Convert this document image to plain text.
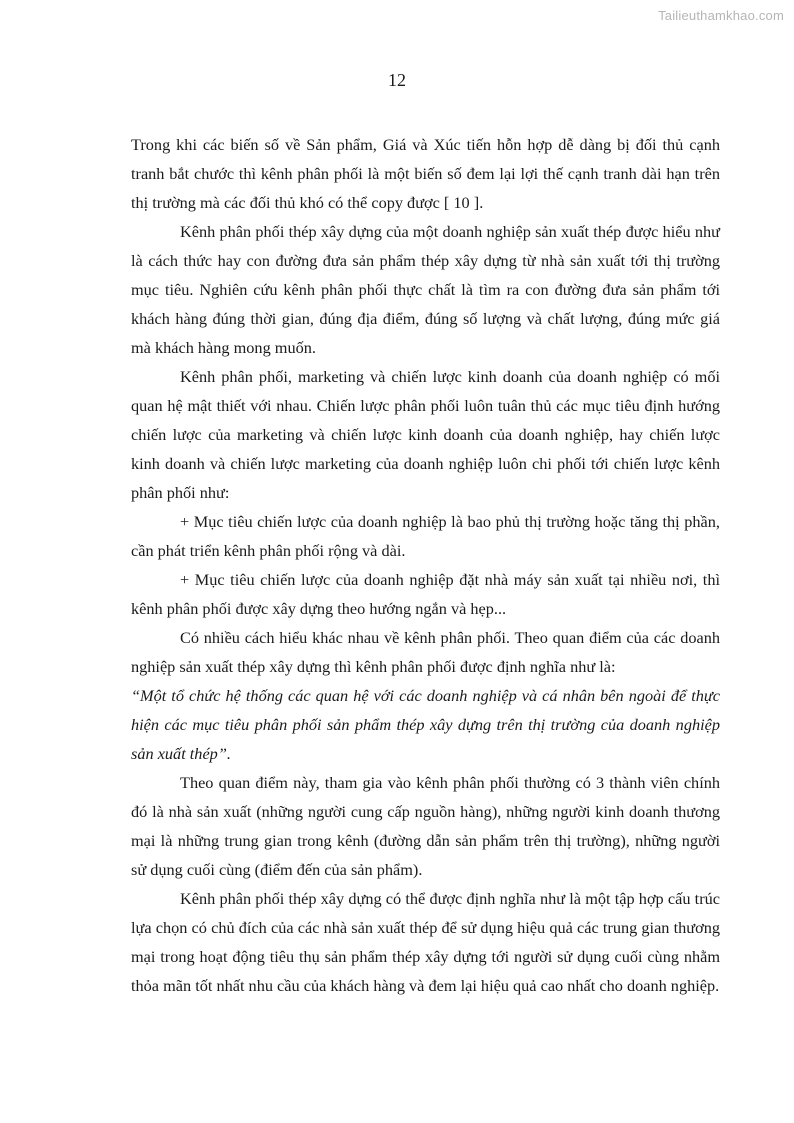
Tailieuthamkhao.com
12

Trong khi các biến số về Sản phẩm, Giá và Xúc tiến hỗn hợp dễ dàng bị đối thủ cạnh tranh bắt chước thì kênh phân phối là một biến số đem lại lợi thế cạnh tranh dài hạn trên thị trường mà các đối thủ khó có thể copy được [ 10 ].

Kênh phân phối thép xây dựng của một doanh nghiệp sản xuất thép được hiểu như là cách thức hay con đường đưa sản phẩm thép xây dựng từ nhà sản xuất tới thị trường mục tiêu. Nghiên cứu kênh phân phối thực chất là tìm ra con đường đưa sản phẩm tới khách hàng đúng thời gian, đúng địa điểm, đúng số lượng và chất lượng, đúng mức giá mà khách hàng mong muốn.

Kênh phân phối, marketing và chiến lược kinh doanh của doanh nghiệp có mối quan hệ mật thiết với nhau. Chiến lược phân phối luôn tuân thủ các mục tiêu định hướng chiến lược của marketing và chiến lược kinh doanh của doanh nghiệp, hay chiến lược kinh doanh và chiến lược marketing của doanh nghiệp luôn chi phối tới chiến lược kênh phân phối như:

+ Mục tiêu chiến lược của doanh nghiệp là bao phủ thị trường hoặc tăng thị phần, cần phát triển kênh phân phối rộng và dài.

+ Mục tiêu chiến lược của doanh nghiệp đặt nhà máy sản xuất tại nhiều nơi, thì kênh phân phối được xây dựng theo hướng ngắn và hẹp...

Có nhiều cách hiểu khác nhau về kênh phân phối. Theo quan điểm của các doanh nghiệp sản xuất thép xây dựng thì kênh phân phối được định nghĩa như là:

“Một tổ chức hệ thống các quan hệ với các doanh nghiệp và cá nhân bên ngoài để thực hiện các mục tiêu phân phối sản phẩm thép xây dựng trên thị trường của doanh nghiệp sản xuất thép”.

Theo quan điểm này, tham gia vào kênh phân phối thường có 3 thành viên chính đó là nhà sản xuất (những người cung cấp nguồn hàng), những người kinh doanh thương mại là những trung gian trong kênh (đường dẫn sản phẩm trên thị trường), những người sử dụng cuối cùng (điểm đến của sản phẩm).

Kênh phân phối thép xây dựng có thể được định nghĩa như là một tập hợp cấu trúc lựa chọn có chủ đích của các nhà sản xuất thép để sử dụng hiệu quả các trung gian thương mại trong hoạt động tiêu thụ sản phẩm thép xây dựng tới người sử dụng cuối cùng nhằm thỏa mãn tốt nhất nhu cầu của khách hàng và đem lại hiệu quả cao nhất cho doanh nghiệp.
